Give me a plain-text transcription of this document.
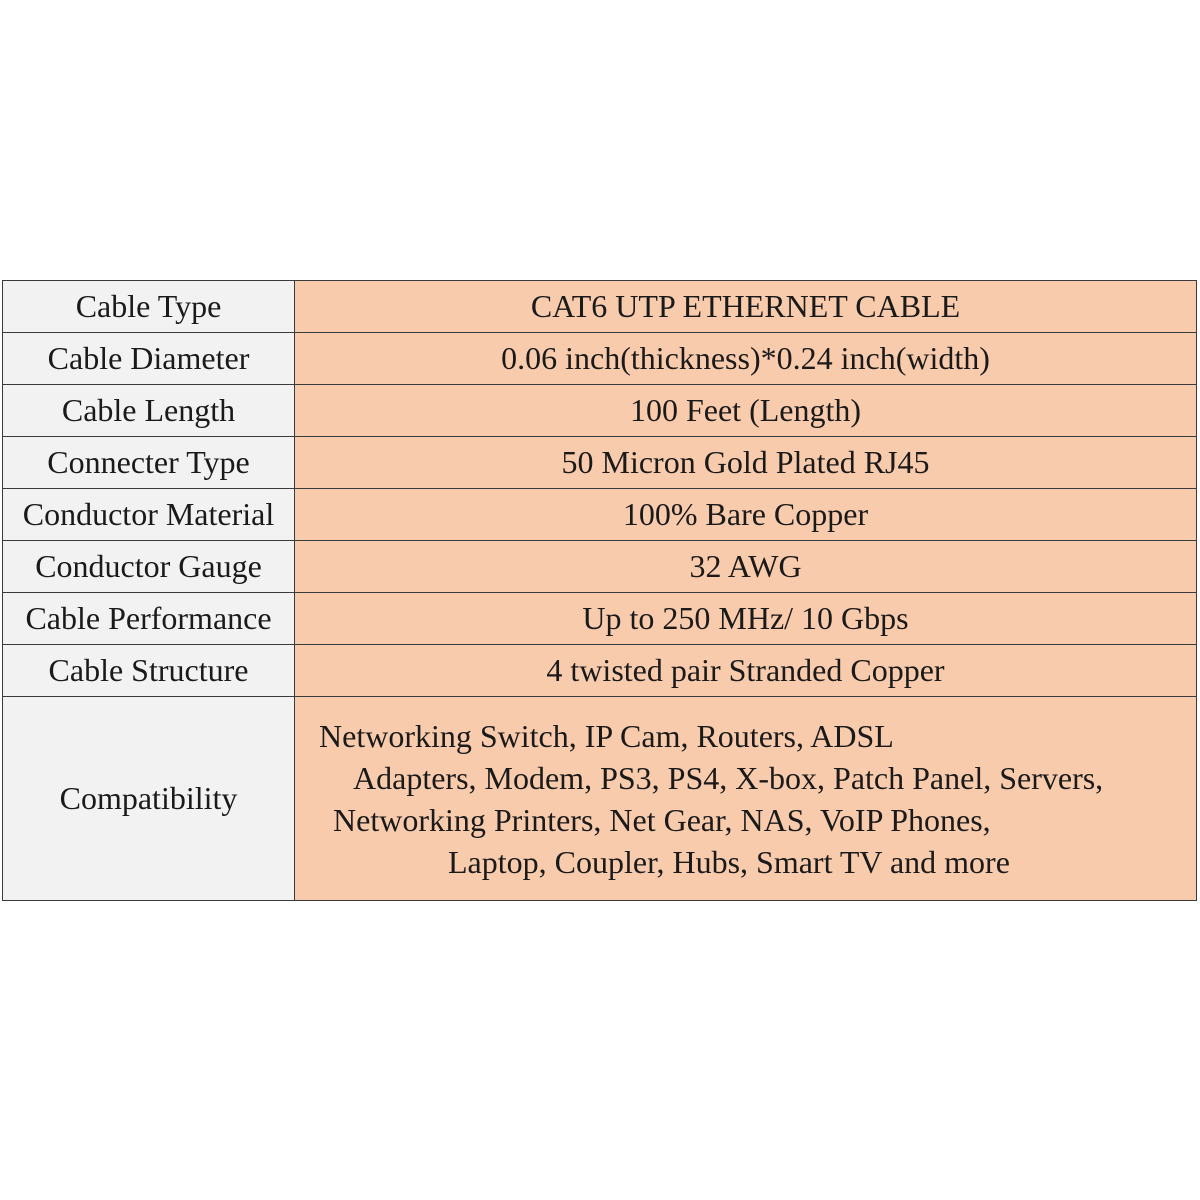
Cable Type	CAT6 UTP ETHERNET CABLE
Cable Diameter	0.06 inch(thickness)*0.24 inch(width)
Cable Length	100 Feet (Length)
Connecter Type	50 Micron Gold Plated RJ45
Conductor Material	100% Bare Copper
Conductor Gauge	32 AWG
Cable Performance	Up to 250 MHz/ 10 Gbps
Cable Structure	4 twisted pair Stranded Copper
Compatibility	Networking Switch, IP Cam, Routers, ADSL
Adapters, Modem, PS3, PS4, X-box, Patch Panel, Servers,
Networking Printers, Net Gear, NAS, VoIP Phones,
Laptop, Coupler, Hubs, Smart TV and more
